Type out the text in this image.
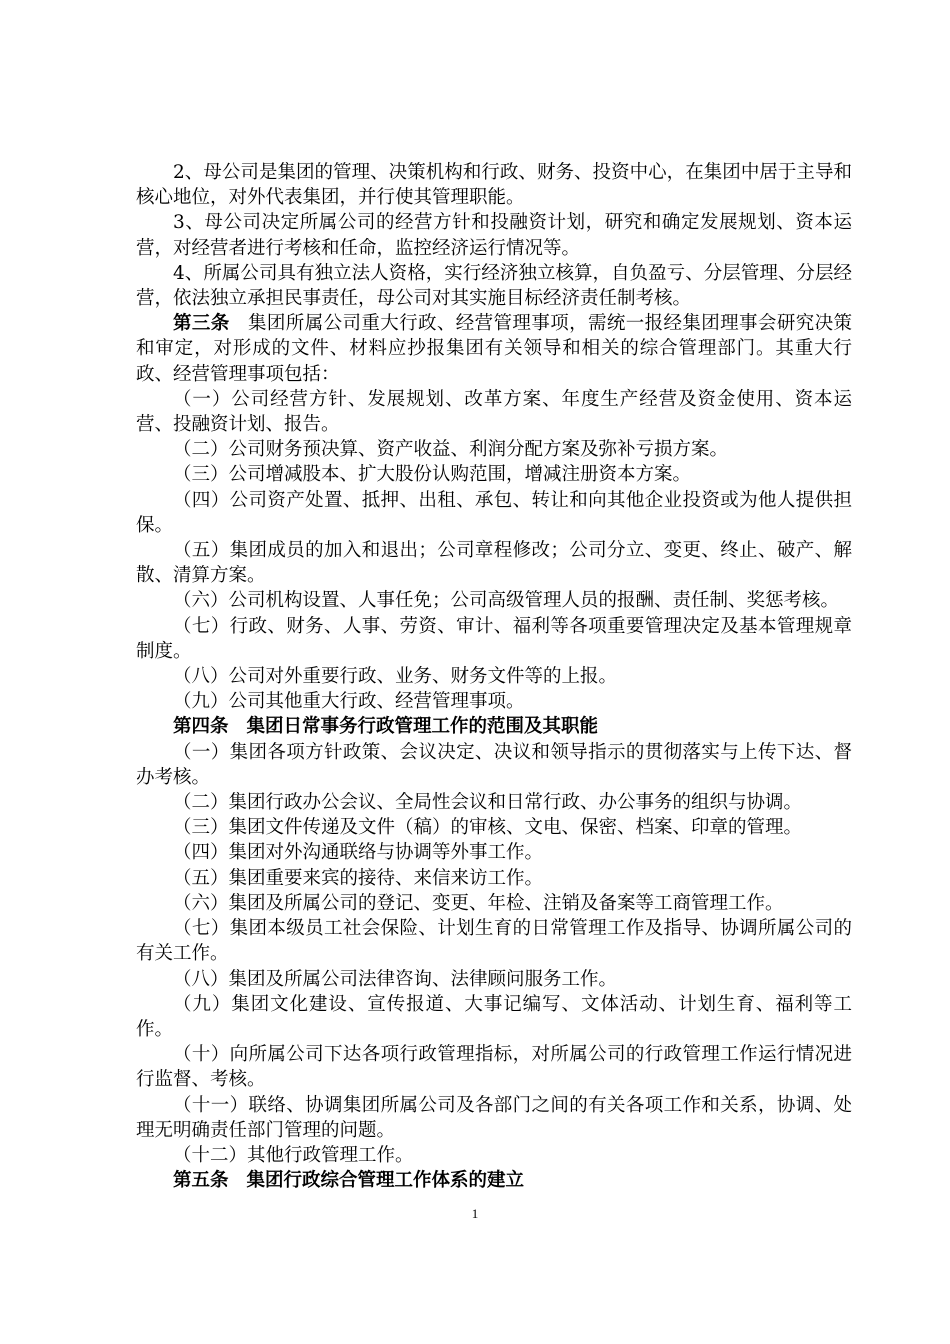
2、母公司是集团的管理、决策机构和行政、财务、投资中心，在集团中居于主导和核心地位，对外代表集团，并行使其管理职能。

3、母公司决定所属公司的经营方针和投融资计划，研究和确定发展规划、资本运营，对经营者进行考核和任命，监控经济运行情况等。

4、所属公司具有独立法人资格，实行经济独立核算，自负盈亏、分层管理、分层经营，依法独立承担民事责任，母公司对其实施目标经济责任制考核。

第三条 集团所属公司重大行政、经营管理事项，需统一报经集团理事会研究决策和审定，对形成的文件、材料应抄报集团有关领导和相关的综合管理部门。其重大行政、经营管理事项包括：

（一）公司经营方针、发展规划、改革方案、年度生产经营及资金使用、资本运营、投融资计划、报告。

（二）公司财务预决算、资产收益、利润分配方案及弥补亏损方案。

（三）公司增减股本、扩大股份认购范围，增减注册资本方案。

（四）公司资产处置、抵押、出租、承包、转让和向其他企业投资或为他人提供担保。

（五）集团成员的加入和退出；公司章程修改；公司分立、变更、终止、破产、解散、清算方案。

（六）公司机构设置、人事任免；公司高级管理人员的报酬、责任制、奖惩考核。

（七）行政、财务、人事、劳资、审计、福利等各项重要管理决定及基本管理规章制度。

（八）公司对外重要行政、业务、财务文件等的上报。

（九）公司其他重大行政、经营管理事项。

第四条 集团日常事务行政管理工作的范围及其职能

（一）集团各项方针政策、会议决定、决议和领导指示的贯彻落实与上传下达、督办考核。

（二）集团行政办公会议、全局性会议和日常行政、办公事务的组织与协调。

（三）集团文件传递及文件（稿）的审核、文电、保密、档案、印章的管理。

（四）集团对外沟通联络与协调等外事工作。

（五）集团重要来宾的接待、来信来访工作。

（六）集团及所属公司的登记、变更、年检、注销及备案等工商管理工作。

（七）集团本级员工社会保险、计划生育的日常管理工作及指导、协调所属公司的有关工作。

（八）集团及所属公司法律咨询、法律顾问服务工作。

（九）集团文化建设、宣传报道、大事记编写、文体活动、计划生育、福利等工作。

（十）向所属公司下达各项行政管理指标，对所属公司的行政管理工作运行情况进行监督、考核。

（十一）联络、协调集团所属公司及各部门之间的有关各项工作和关系，协调、处理无明确责任部门管理的问题。

（十二）其他行政管理工作。

第五条 集团行政综合管理工作体系的建立

1
